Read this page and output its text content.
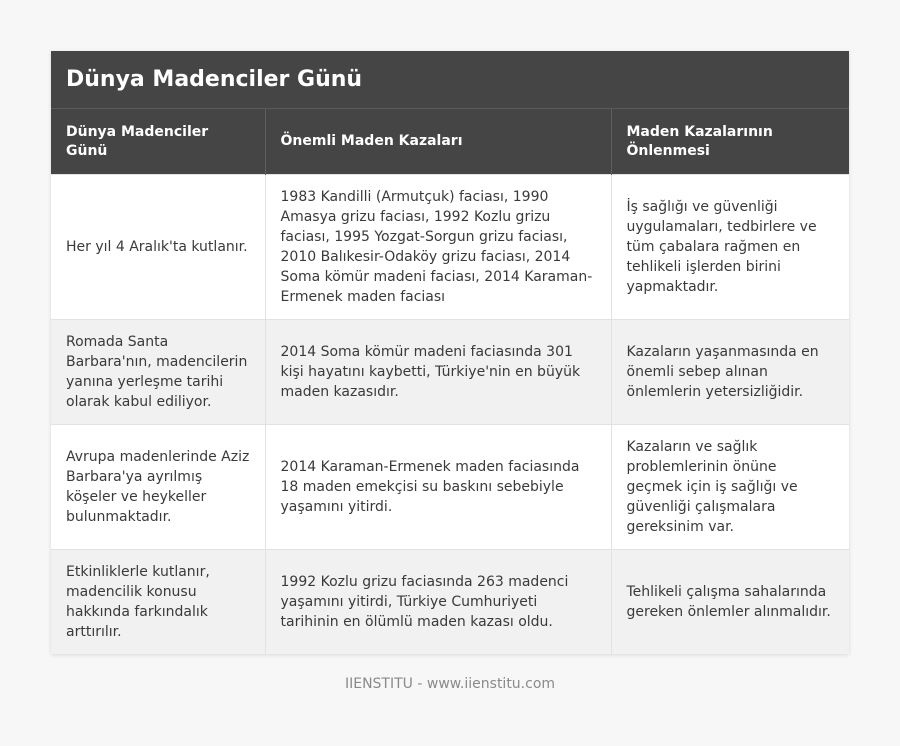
Dünya Madenciler Günü
Dünya Madenciler Günü	Önemli Maden Kazaları	Maden Kazalarının Önlenmesi
Her yıl 4 Aralık'ta kutlanır.	1983 Kandilli (Armutçuk) faciası, 1990 Amasya grizu faciası, 1992 Kozlu grizu faciası, 1995 Yozgat-Sorgun grizu faciası, 2010 Balıkesir-Odaköy grizu faciası, 2014 Soma kömür madeni faciası, 2014 Karaman-Ermenek maden faciası	İş sağlığı ve güvenliği uygulamaları, tedbirlere ve tüm çabalara rağmen en tehlikeli işlerden birini yapmaktadır.
Romada Santa Barbara'nın, madencilerin yanına yerleşme tarihi olarak kabul ediliyor.	2014 Soma kömür madeni faciasında 301 kişi hayatını kaybetti, Türkiye'nin en büyük maden kazasıdır.	Kazaların yaşanmasında en önemli sebep alınan önlemlerin yetersizliğidir.
Avrupa madenlerinde Aziz Barbara'ya ayrılmış köşeler ve heykeller bulunmaktadır.	2014 Karaman-Ermenek maden faciasında 18 maden emekçisi su baskını sebebiyle yaşamını yitirdi.	Kazaların ve sağlık problemlerinin önüne geçmek için iş sağlığı ve güvenliği çalışmalara gereksinim var.
Etkinliklerle kutlanır, madencilik konusu hakkında farkındalık arttırılır.	1992 Kozlu grizu faciasında 263 madenci yaşamını yitirdi, Türkiye Cumhuriyeti tarihinin en ölümlü maden kazası oldu.	Tehlikeli çalışma sahalarında gereken önlemler alınmalıdır.
IIENSTITU - www.iienstitu.com
